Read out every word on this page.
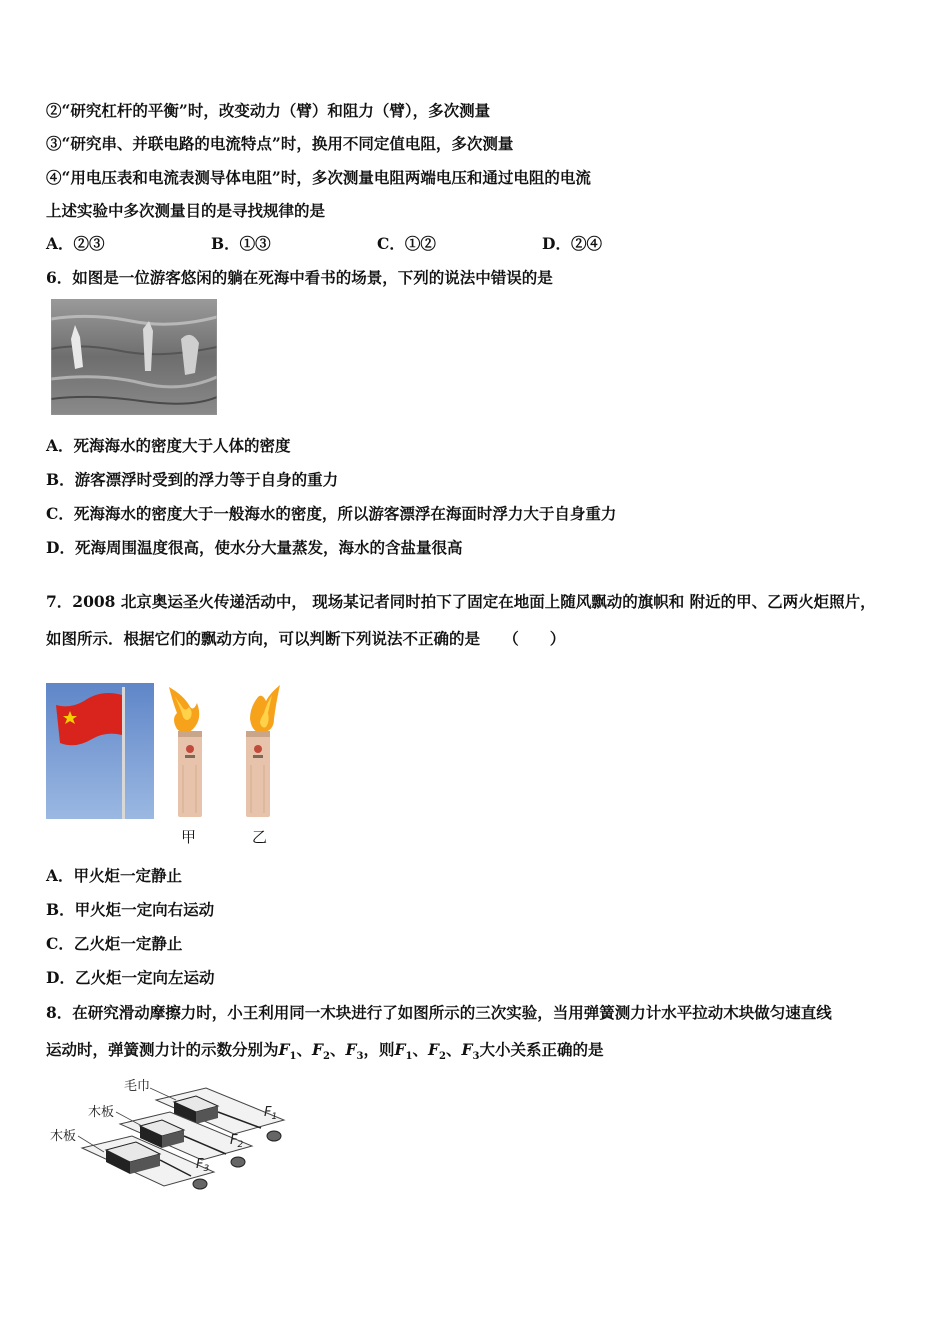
②“研究杠杆的平衡”时，改变动力（臂）和阻力（臂），多次测量
③“研究串、并联电路的电流特点”时，换用不同定值电阻，多次测量
④“用电压表和电流表测导体电阻”时，多次测量电阻两端电压和通过电阻的电流
上述实验中多次测量目的是寻找规律的是
A．②③	B．①③	C．①②	D．②④
6．如图是一位游客悠闲的躺在死海中看书的场景，下列的说法中错误的是
A．死海海水的密度大于人体的密度
B．游客漂浮时受到的浮力等于自身的重力
C．死海海水的密度大于一般海水的密度，所以游客漂浮在海面时浮力大于自身重力
D．死海周围温度很高，使水分大量蒸发，海水的含盐量很高
7．2008 北京奥运圣火传递活动中， 现场某记者同时拍下了固定在地面上随风飘动的旗帜和 附近的甲、乙两火炬照片，
如图所示．根据它们的飘动方向，可以判断下列说法不正确的是　　（　　）
甲	乙
A．甲火炬一定静止
B．甲火炬一定向右运动
C．乙火炬一定静止
D．乙火炬一定向左运动
8．在研究滑动摩擦力时，小王利用同一木块进行了如图所示的三次实验，当用弹簧测力计水平拉动木块做匀速直线
运动时，弹簧测力计的示数分别为$F_1$、$F_2$、$F_3$，则$F_1$、$F_2$、$F_3$大小关系正确的是
毛巾
木板
木板
$F_1$
$F_2$
$F_3$
